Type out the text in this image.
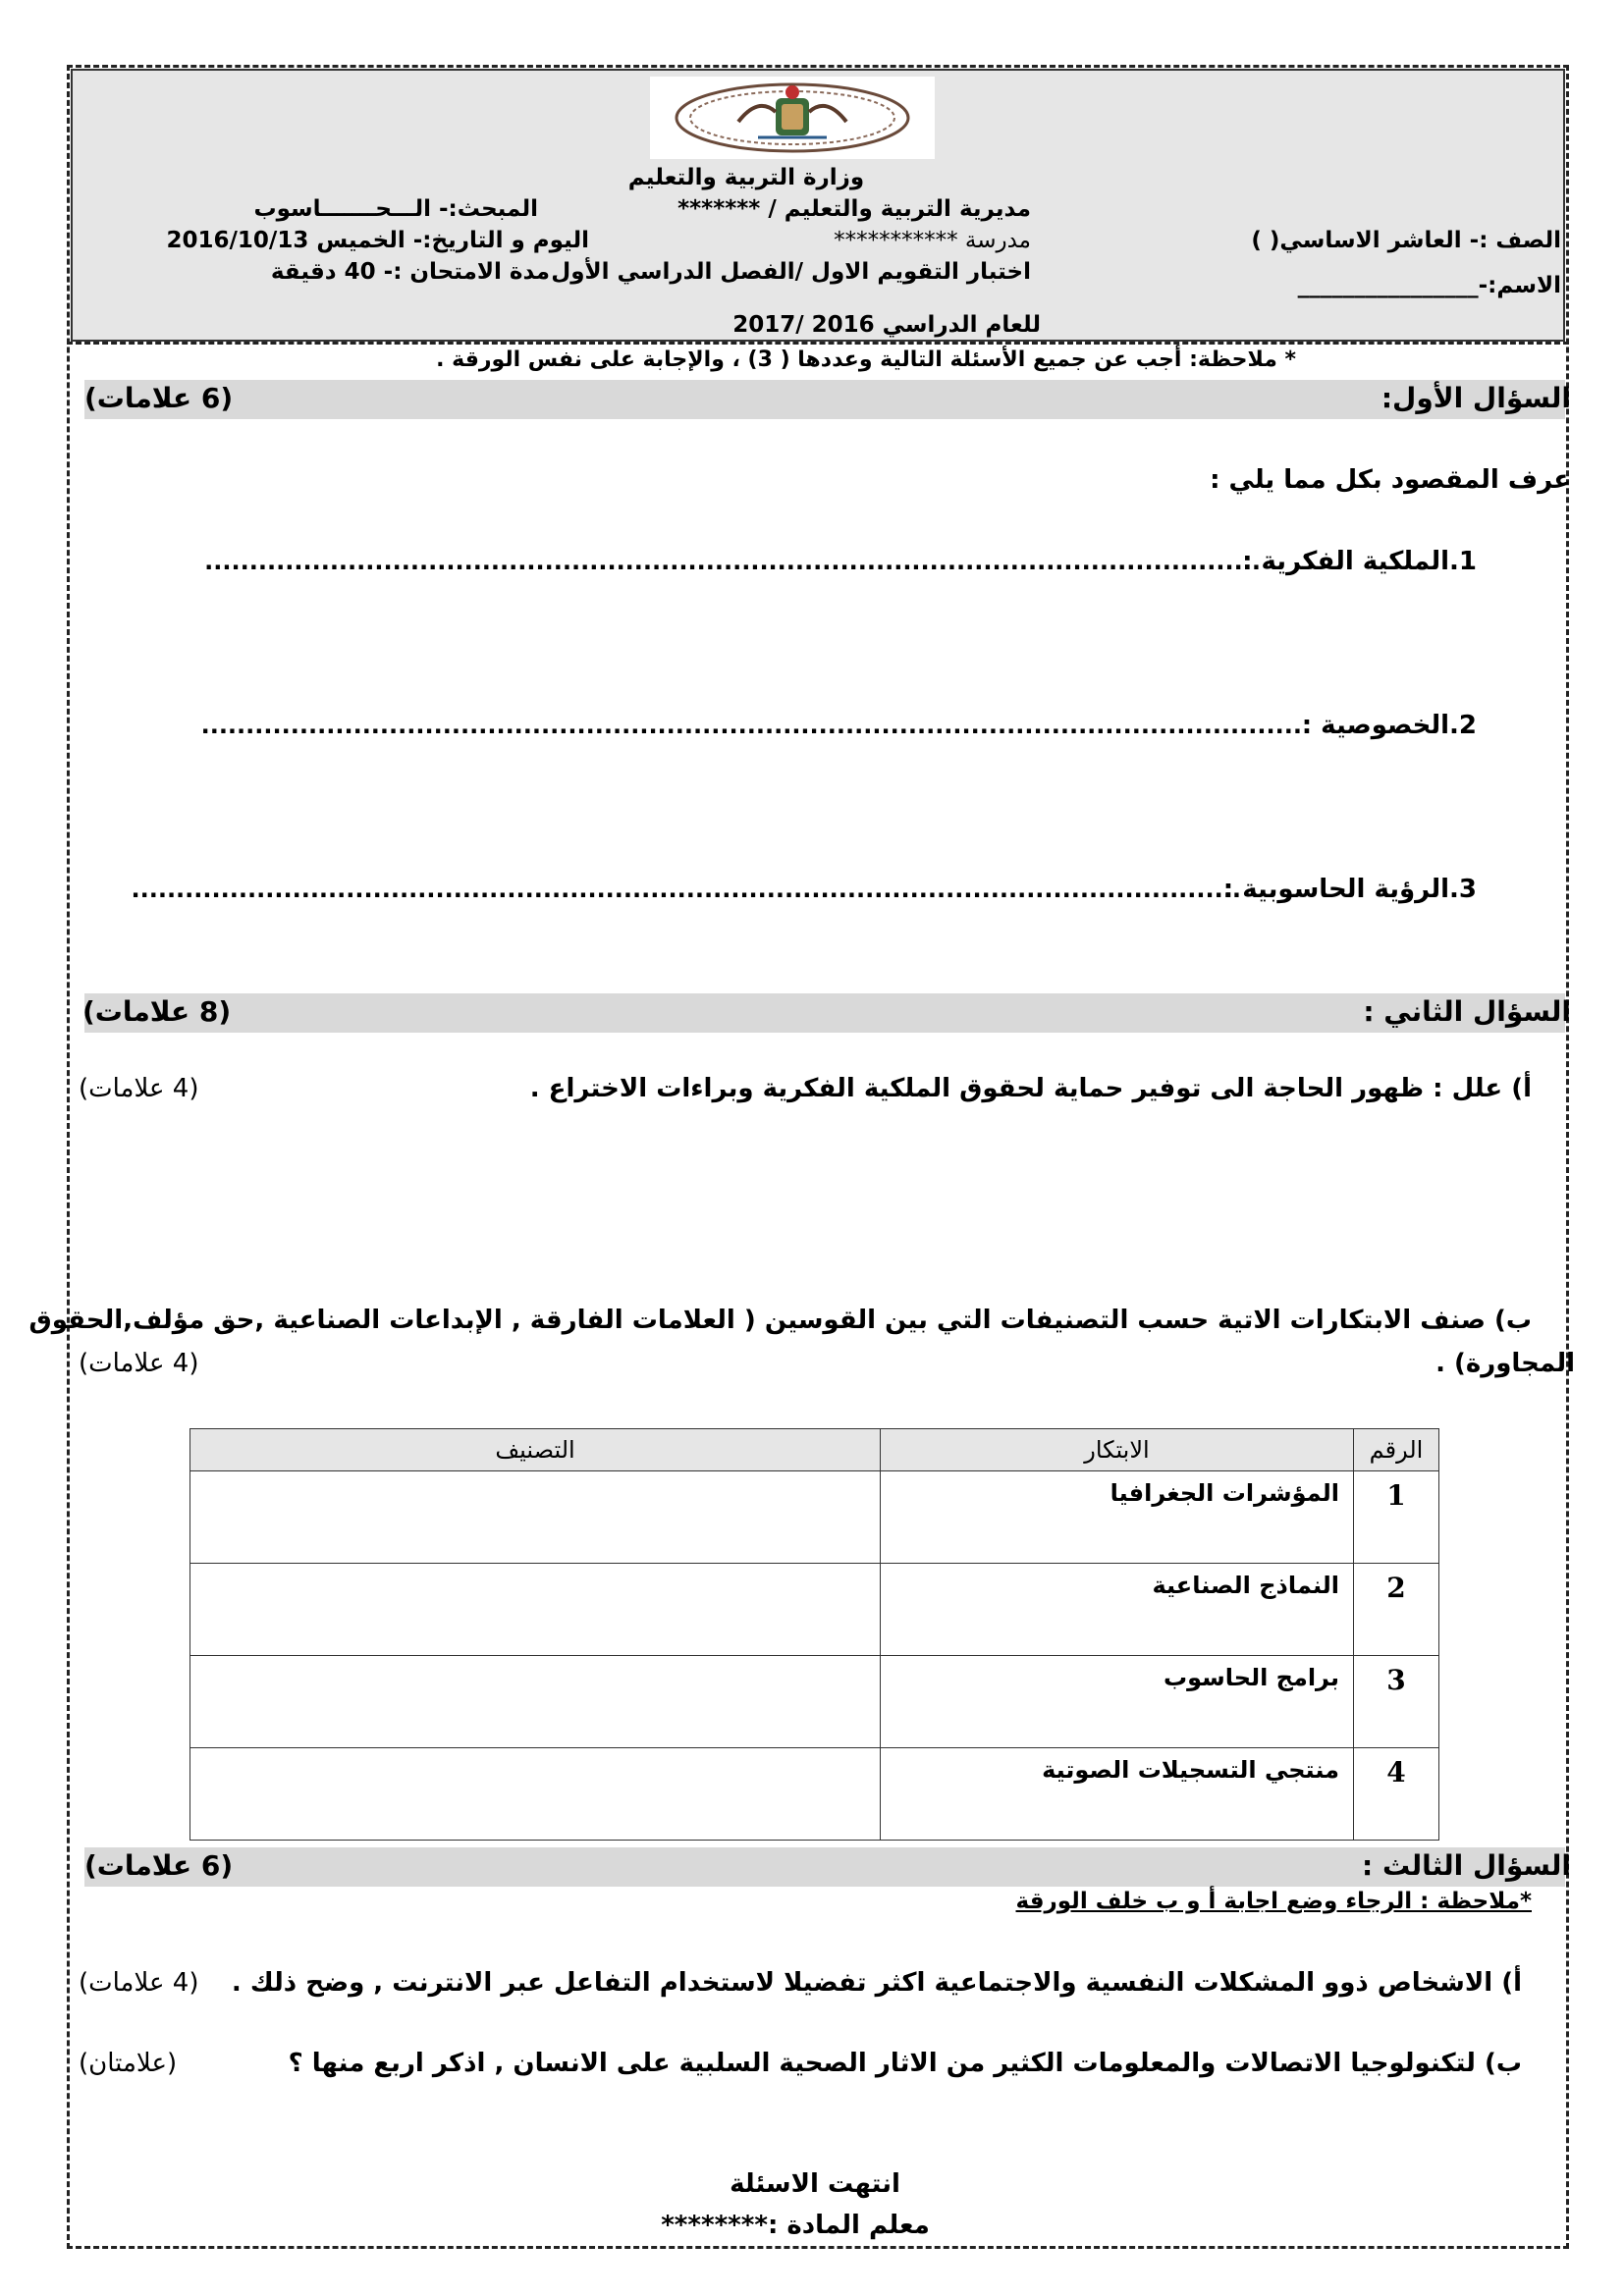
وزارة التربية والتعليم
مديرية التربية والتعليم / *******
مدرسة ***********
اختبار التقويم الاول /الفصل الدراسي الأول
للعام الدراسي 2016 /2017
المبحث:- الـــحـــــــاسوب
اليوم و التاريخ:- الخميس 2016/10/13
مدة الامتحان :- 40 دقيقة
الصف :- العاشر الاساسي( )
الاسم:-________________
* ملاحظة: أجب عن جميع الأسئلة التالية وعددها ( 3) ، والإجابة على نفس الورقة .
السؤال الأول:
(6 علامات)
عرف المقصود بكل مما يلي :
1.الملكية الفكرية :
......................................................................................................................
2.الخصوصية :
...........................................................................................................................
3.الرؤية الحاسوبية :
............................................................................................................................
السؤال الثاني :
(8 علامات)
أ) علل : ظهور الحاجة الى توفير حماية لحقوق الملكية الفكرية وبراءات الاختراع .
(4 علامات)
ب) صنف الابتكارات الاتية حسب التصنيفات التي بين القوسين ( العلامات الفارقة , الإبداعات الصناعية ,حق مؤلف,الحقوق
المجاورة) .
(4 علامات)
الرقم	الابتكار	التصنيف
1	المؤشرات الجغرافيا	
2	النماذج الصناعية	
3	برامج الحاسوب	
4	منتجي التسجيلات الصوتية	
السؤال الثالث :
(6 علامات)
*ملاحظة : الرجاء وضع اجابة أ و ب خلف الورقة
أ) الاشخاص ذوو المشكلات النفسية والاجتماعية اكثر تفضيلا لاستخدام التفاعل عبر الانترنت , وضح ذلك .
(4 علامات)
ب) لتكنولوجيا الاتصالات والمعلومات الكثير من الاثار الصحية السلبية على الانسان , اذكر اربع منها ؟
(علامتان)
انتهت الاسئلة
معلم المادة :********
